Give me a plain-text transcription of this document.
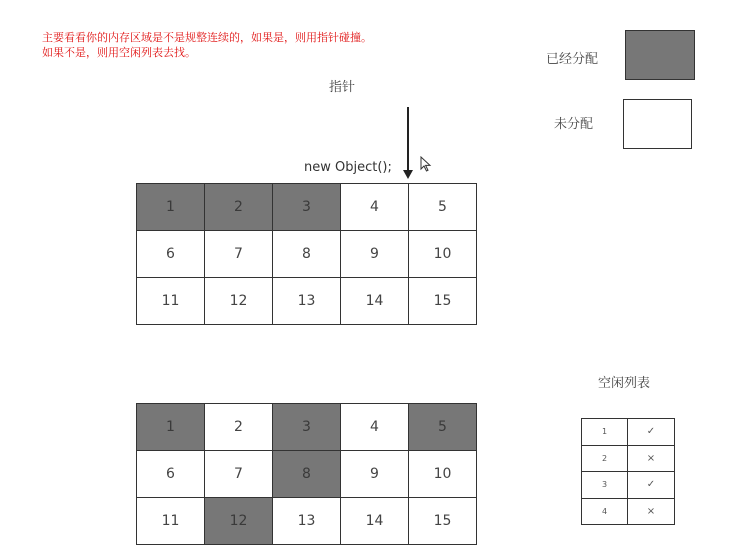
主要看看你的内存区域是不是规整连续的，如果是，则用指针碰撞。
如果不是，则用空闲列表去找。	已经分配
未分配
指针
new Object();
1	2	3	4	5
6	7	8	9	10
11	12	13	14	15
1	2	3	4	5
6	7	8	9	10
11	12	13	14	15
空闲列表
1	✓
2	×
3	✓
4	×
